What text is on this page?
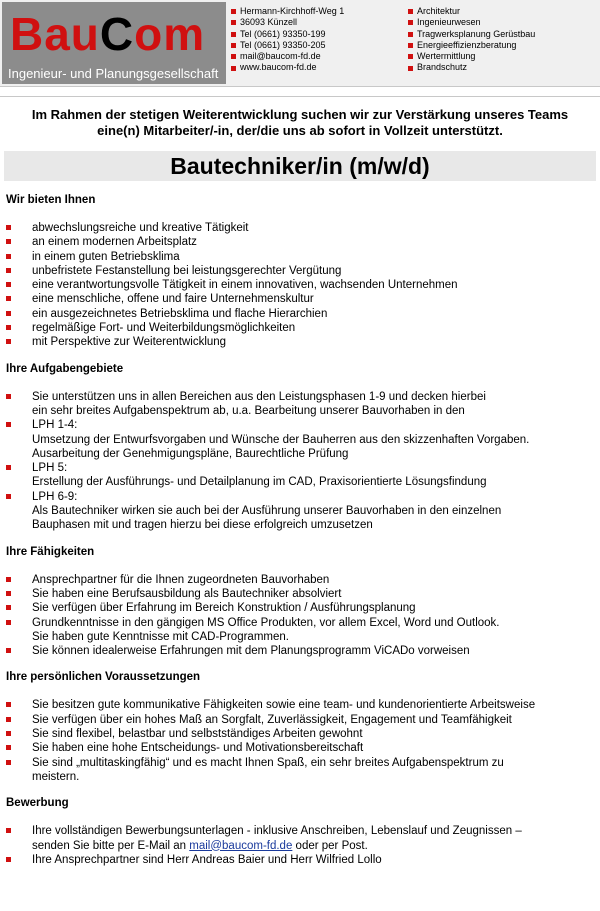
BauCom
Ingenieur- und Planungsgesellschaft
Hermann-Kirchhoff-Weg 1
36093 Künzell
Tel (0661) 93350-199
Tel (0661) 93350-205
mail@baucom-fd.de
www.baucom-fd.de
Architektur
Ingenieurwesen
Tragwerksplanung Gerüstbau
Energieeffizienzberatung
Wertermittlung
Brandschutz
Im Rahmen der stetigen Weiterentwicklung suchen wir zur Verstärkung unseres Teams
eine(n) Mitarbeiter/-in, der/die uns ab sofort in Vollzeit unterstützt.
Bautechniker/in (m/w/d)
Wir bieten Ihnen
abwechslungsreiche und kreative Tätigkeit
an einem modernen Arbeitsplatz
in einem guten Betriebsklima
unbefristete Festanstellung bei leistungsgerechter Vergütung
eine verantwortungsvolle Tätigkeit in einem innovativen, wachsenden Unternehmen
eine menschliche, offene und faire Unternehmenskultur
ein ausgezeichnetes Betriebsklima und flache Hierarchien
regelmäßige Fort- und Weiterbildungsmöglichkeiten
mit Perspektive zur Weiterentwicklung
Ihre Aufgabengebiete
Sie unterstützen uns in allen Bereichen aus den Leistungsphasen 1-9 und decken hierbei
ein sehr breites Aufgabenspektrum ab, u.a. Bearbeitung unserer Bauvorhaben in den
LPH 1-4:
Umsetzung der Entwurfsvorgaben und Wünsche der Bauherren aus den skizzenhaften Vorgaben.
Ausarbeitung der Genehmigungspläne, Baurechtliche Prüfung
LPH 5:
Erstellung der Ausführungs- und Detailplanung im CAD, Praxisorientierte Lösungsfindung
LPH 6-9:
Als Bautechniker wirken sie auch bei der Ausführung unserer Bauvorhaben in den einzelnen
Bauphasen mit und tragen hierzu bei diese erfolgreich umzusetzen
Ihre Fähigkeiten
Ansprechpartner für die Ihnen zugeordneten Bauvorhaben
Sie haben eine Berufsausbildung als Bautechniker absolviert
Sie verfügen über Erfahrung im Bereich Konstruktion / Ausführungsplanung
Grundkenntnisse in den gängigen MS Office Produkten, vor allem Excel, Word und Outlook.
Sie haben gute Kenntnisse mit CAD-Programmen.
Sie können idealerweise Erfahrungen mit dem Planungsprogramm ViCADo vorweisen
Ihre persönlichen Voraussetzungen
Sie besitzen gute kommunikative Fähigkeiten sowie eine team- und kundenorientierte Arbeitsweise
Sie verfügen über ein hohes Maß an Sorgfalt, Zuverlässigkeit, Engagement und Teamfähigkeit
Sie sind flexibel, belastbar und selbstständiges Arbeiten gewohnt
Sie haben eine hohe Entscheidungs- und Motivationsbereitschaft
Sie sind „multitaskingfähig“ und es macht Ihnen Spaß, ein sehr breites Aufgabenspektrum zu
meistern.
Bewerbung
Ihre vollständigen Bewerbungsunterlagen - inklusive Anschreiben, Lebenslauf und Zeugnissen –
senden Sie bitte per E-Mail an mail@baucom-fd.de oder per Post.
Ihre Ansprechpartner sind Herr Andreas Baier und Herr Wilfried Lollo
